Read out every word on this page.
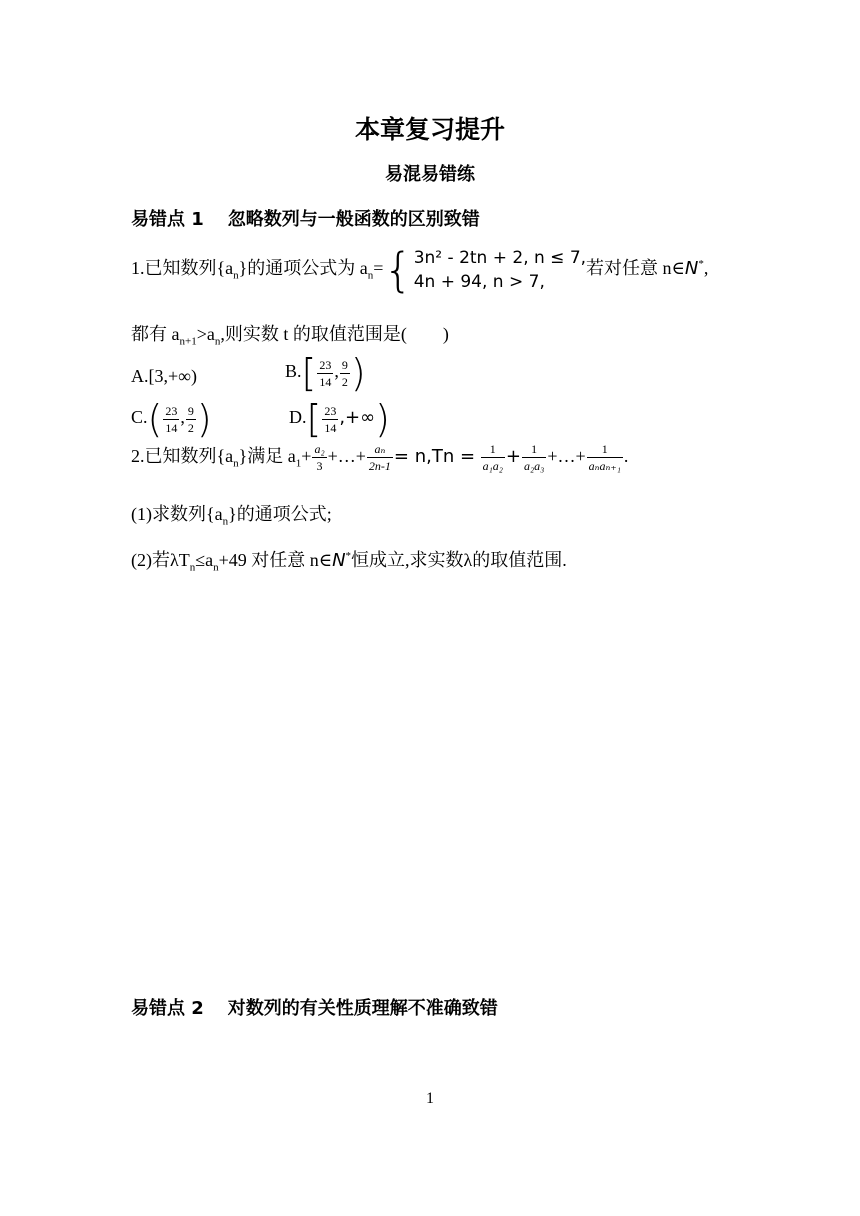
本章复习提升
易混易错练
易错点 1 忽略数列与一般函数的区别致错
1.已知数列$\{a_n\}$的通项公式为 $a_n=${ 3n² - 2tn + 2, n ≤ 7,
4n + 94, n > 7,
若对任意 n∈N*,
都有 $a_{n+1}>a_n$,则实数 t 的取值范围是(　　)
A.[3,+∞)	$B.[ \frac{23}{14}$ , $\frac{9}{2}$ )
$C.( \frac{23}{14}$ , $\frac{9}{2}$ )	$D.[ \frac{23}{14}$ ,+∞)
2.已知数列$\{a_n\}$满足 $a_1+ \frac{\text{a₂}}{3}$ +…+ $\frac{\text{aₙ}}{2n-1} = n,Tn = \frac{1}{\text{a₁a₂}} + \frac{1}{\text{a₂a₃}}$ +…+ $\frac{1}{\text{aₙaₙ₊₁}}$ .
(1)求数列$\{a_n\}$的通项公式;
(2)若$\lambda T_n\le a_n+49$ 对任意 n∈N*恒成立,求实数λ的取值范围.
易错点 2 对数列的有关性质理解不准确致错
1
